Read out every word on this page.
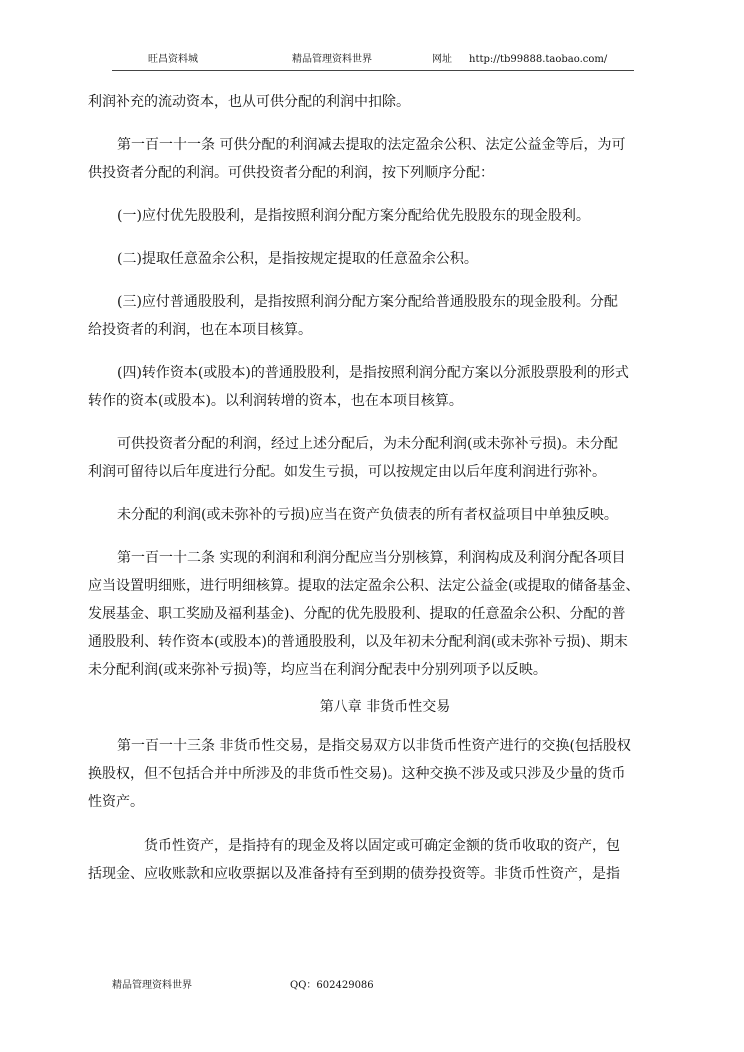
旺昌资料城	精品管理资料世界	网址 http://tb99888.taobao.com/

利润补充的流动资本，也从可供分配的利润中扣除。

第一百一十一条 可供分配的利润减去提取的法定盈余公积、法定公益金等后，为可
供投资者分配的利润。可供投资者分配的利润，按下列顺序分配：

(一)应付优先股股利，是指按照利润分配方案分配给优先股股东的现金股利。

(二)提取任意盈余公积，是指按规定提取的任意盈余公积。

(三)应付普通股股利，是指按照利润分配方案分配给普通股股东的现金股利。分配
给投资者的利润，也在本项目核算。

(四)转作资本(或股本)的普通股股利，是指按照利润分配方案以分派股票股利的形式
转作的资本(或股本)。以利润转增的资本，也在本项目核算。

可供投资者分配的利润，经过上述分配后，为未分配利润(或未弥补亏损)。未分配
利润可留待以后年度进行分配。如发生亏损，可以按规定由以后年度利润进行弥补。

未分配的利润(或未弥补的亏损)应当在资产负债表的所有者权益项目中单独反映。

第一百一十二条 实现的利润和利润分配应当分别核算，利润构成及利润分配各项目
应当设置明细账，进行明细核算。提取的法定盈余公积、法定公益金(或提取的储备基金、
发展基金、职工奖励及福利基金)、分配的优先股股利、提取的任意盈余公积、分配的普
通股股利、转作资本(或股本)的普通股股利，以及年初未分配利润(或未弥补亏损)、期末
未分配利润(或来弥补亏损)等，均应当在利润分配表中分别列项予以反映。

第八章 非货币性交易

第一百一十三条 非货币性交易，是指交易双方以非货币性资产进行的交换(包括股权
换股权，但不包括合并中所涉及的非货币性交易)。这种交换不涉及或只涉及少量的货币
性资产。

货币性资产，是指持有的现金及将以固定或可确定金额的货币收取的资产，包
括现金、应收账款和应收票据以及准备持有至到期的债券投资等。非货币性资产，是指

精品管理资料世界	QQ：602429086
